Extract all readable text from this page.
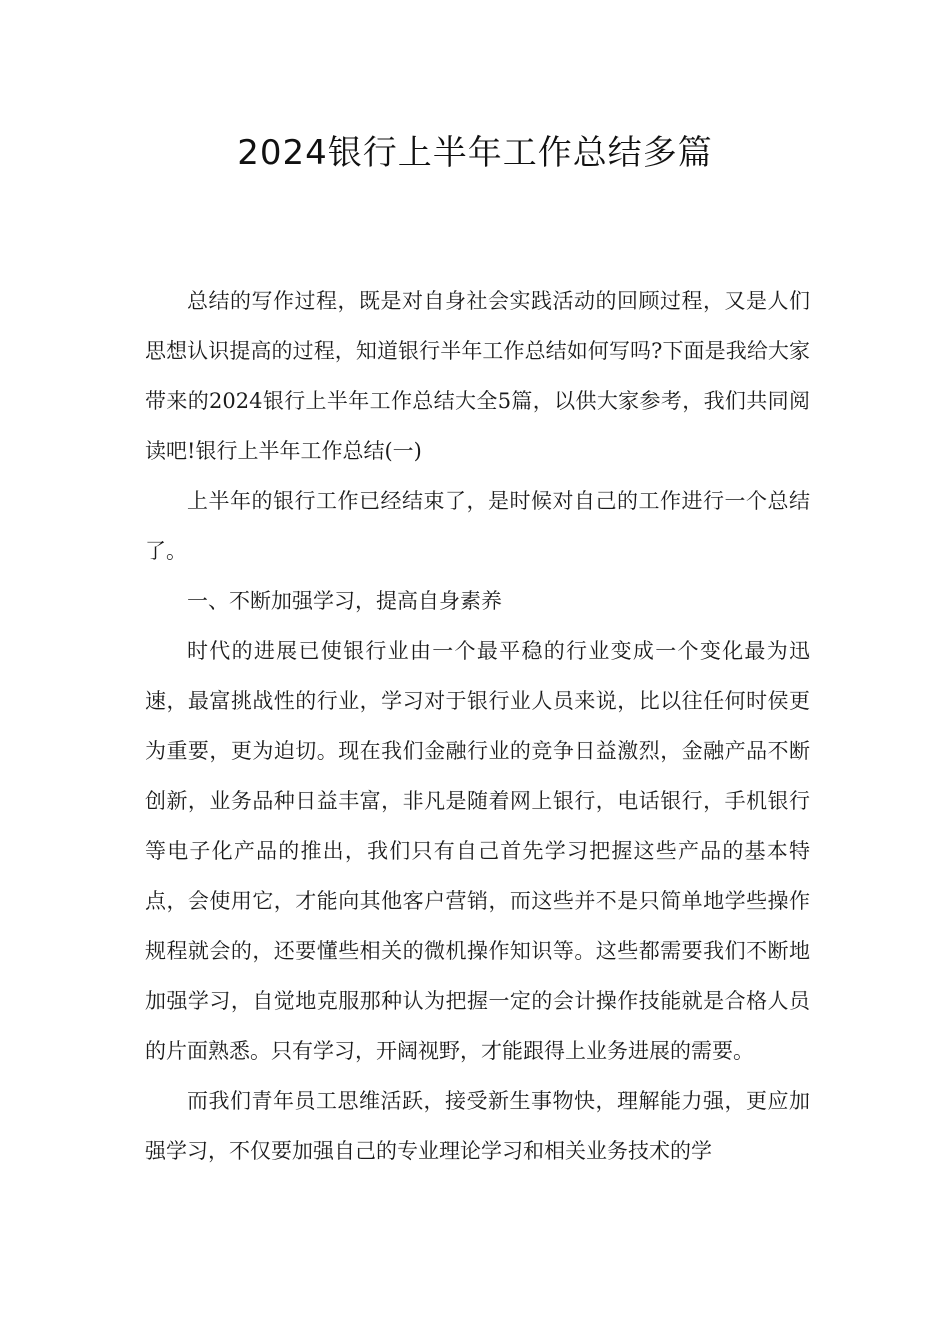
2024银行上半年工作总结多篇

总结的写作过程，既是对自身社会实践活动的回顾过程，又是人们思想认识提高的过程，知道银行半年工作总结如何写吗?下面是我给大家带来的2024银行上半年工作总结大全5篇，以供大家参考，我们共同阅读吧!银行上半年工作总结(一)

上半年的银行工作已经结束了，是时候对自己的工作进行一个总结了。

一、不断加强学习，提高自身素养

时代的进展已使银行业由一个最平稳的行业变成一个变化最为迅速，最富挑战性的行业，学习对于银行业人员来说，比以往任何时侯更为重要，更为迫切。现在我们金融行业的竞争日益激烈，金融产品不断创新，业务品种日益丰富，非凡是随着网上银行，电话银行，手机银行等电子化产品的推出，我们只有自己首先学习把握这些产品的基本特点，会使用它，才能向其他客户营销，而这些并不是只简单地学些操作规程就会的，还要懂些相关的微机操作知识等。这些都需要我们不断地加强学习，自觉地克服那种认为把握一定的会计操作技能就是合格人员的片面熟悉。只有学习，开阔视野，才能跟得上业务进展的需要。

而我们青年员工思维活跃，接受新生事物快，理解能力强，更应加强学习，不仅要加强自己的专业理论学习和相关业务技术的学
